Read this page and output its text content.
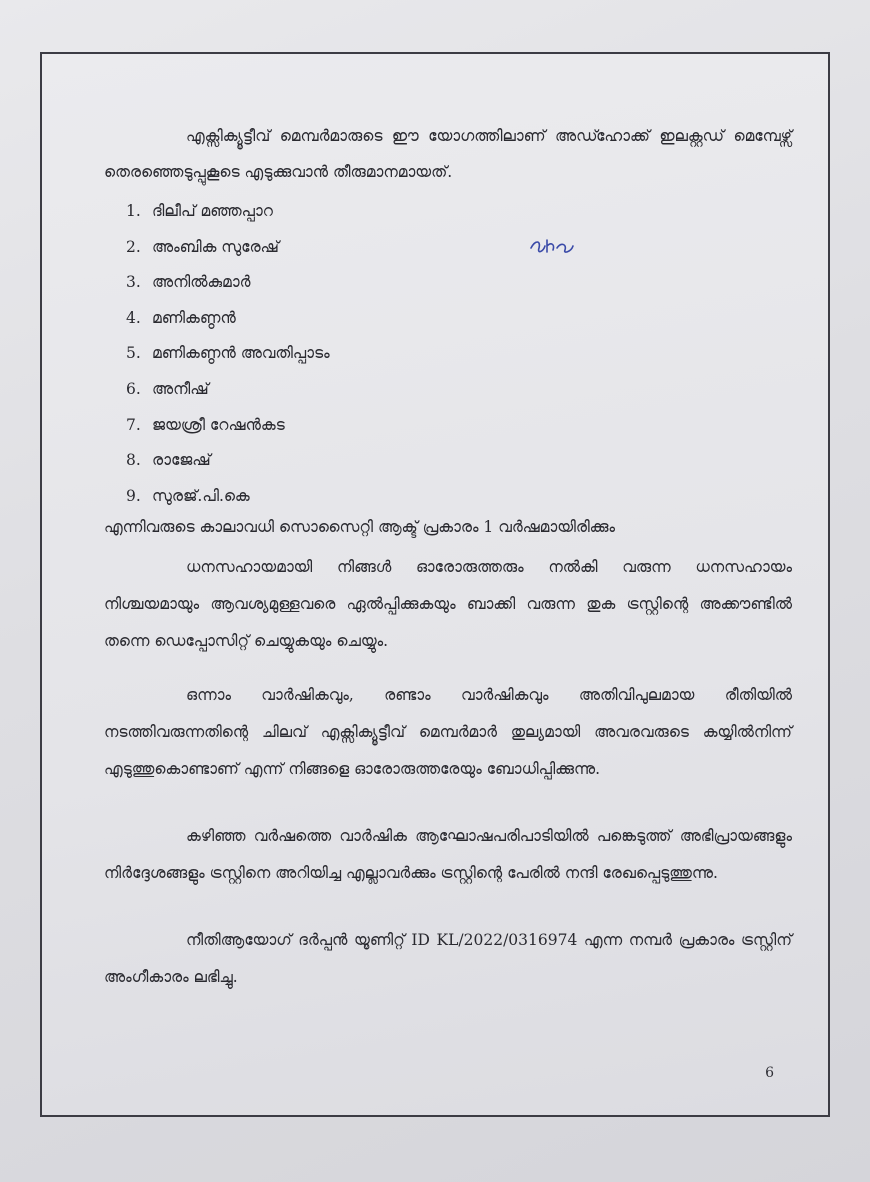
എക്സിക്യൂട്ടീവ് മെമ്പർമാരുടെ ഈ യോഗത്തിലാണ് അഡ്ഹോക്ക് ഇലക്റ്റഡ് മെമ്പേഴ്സ് തെരഞ്ഞെടുപ്പുകൂടെ എടുക്കുവാൻ തീരുമാനമായത്.

1. ദിലീപ് മഞ്ഞപ്പാറ
2. അംബിക സുരേഷ്
3. അനിൽകുമാർ
4. മണികണ്ഠൻ
5. മണികണ്ഠൻ അവതിപ്പാടം
6. അനീഷ്
7. ജയശ്രീ റേഷൻകട
8. രാജേഷ്
9. സുരജ്.പി.കെ

എന്നിവരുടെ കാലാവധി സൊസൈറ്റി ആക്ട് പ്രകാരം 1 വർഷമായിരിക്കും

ധനസഹായമായി നിങ്ങൾ ഓരോരുത്തരും നൽകി വരുന്ന ധനസഹായം നിശ്ചയമായും ആവശ്യമുള്ളവരെ ഏൽപ്പിക്കുകയും ബാക്കി വരുന്ന തുക ട്രസ്റ്റിന്റെ അക്കൗണ്ടിൽ തന്നെ ഡെപ്പോസിറ്റ് ചെയ്യുകയും ചെയ്യും.

ഒന്നാം വാർഷികവും, രണ്ടാം വാർഷികവും അതിവിപുലമായ രീതിയിൽ നടത്തിവരുന്നതിന്റെ ചിലവ് എക്സിക്യൂട്ടീവ് മെമ്പർമാർ തുല്യമായി അവരവരുടെ കയ്യിൽനിന്ന് എടുത്തുകൊണ്ടാണ് എന്ന് നിങ്ങളെ ഓരോരുത്തരേയും ബോധിപ്പിക്കുന്നു.

കഴിഞ്ഞ വർഷത്തെ വാർഷിക ആഘോഷപരിപാടിയിൽ പങ്കെടുത്ത് അഭിപ്രായങ്ങളും നിർദ്ദേശങ്ങളും ട്രസ്റ്റിനെ അറിയിച്ച എല്ലാവർക്കും ട്രസ്റ്റിന്റെ പേരിൽ നന്ദി രേഖപ്പെടുത്തുന്നു.

നീതിആയോഗ് ദർപ്പൻ യൂണിറ്റ് ID KL/2022/0316974 എന്ന നമ്പർ പ്രകാരം ട്രസ്റ്റിന് അംഗീകാരം ലഭിച്ചു.

6
